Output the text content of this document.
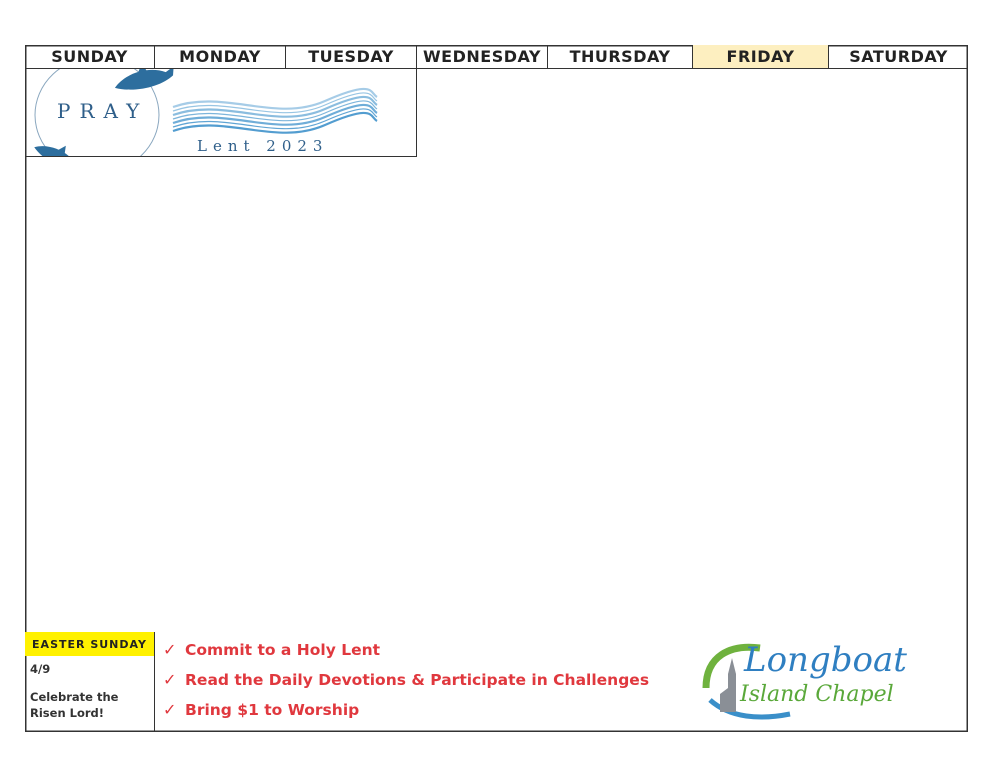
SUNDAY	MONDAY	TUESDAY	WEDNESDAY	THURSDAY	FRIDAY	SATURDAY
PRAY
Lent 2023
EASTER SUNDAY
4/9
Celebrate the
Risen Lord!
✓ Commit to a Holy Lent
✓ Read the Daily Devotions & Participate in Challenges
✓ Bring $1 to Worship
Longboat
Island Chapel
